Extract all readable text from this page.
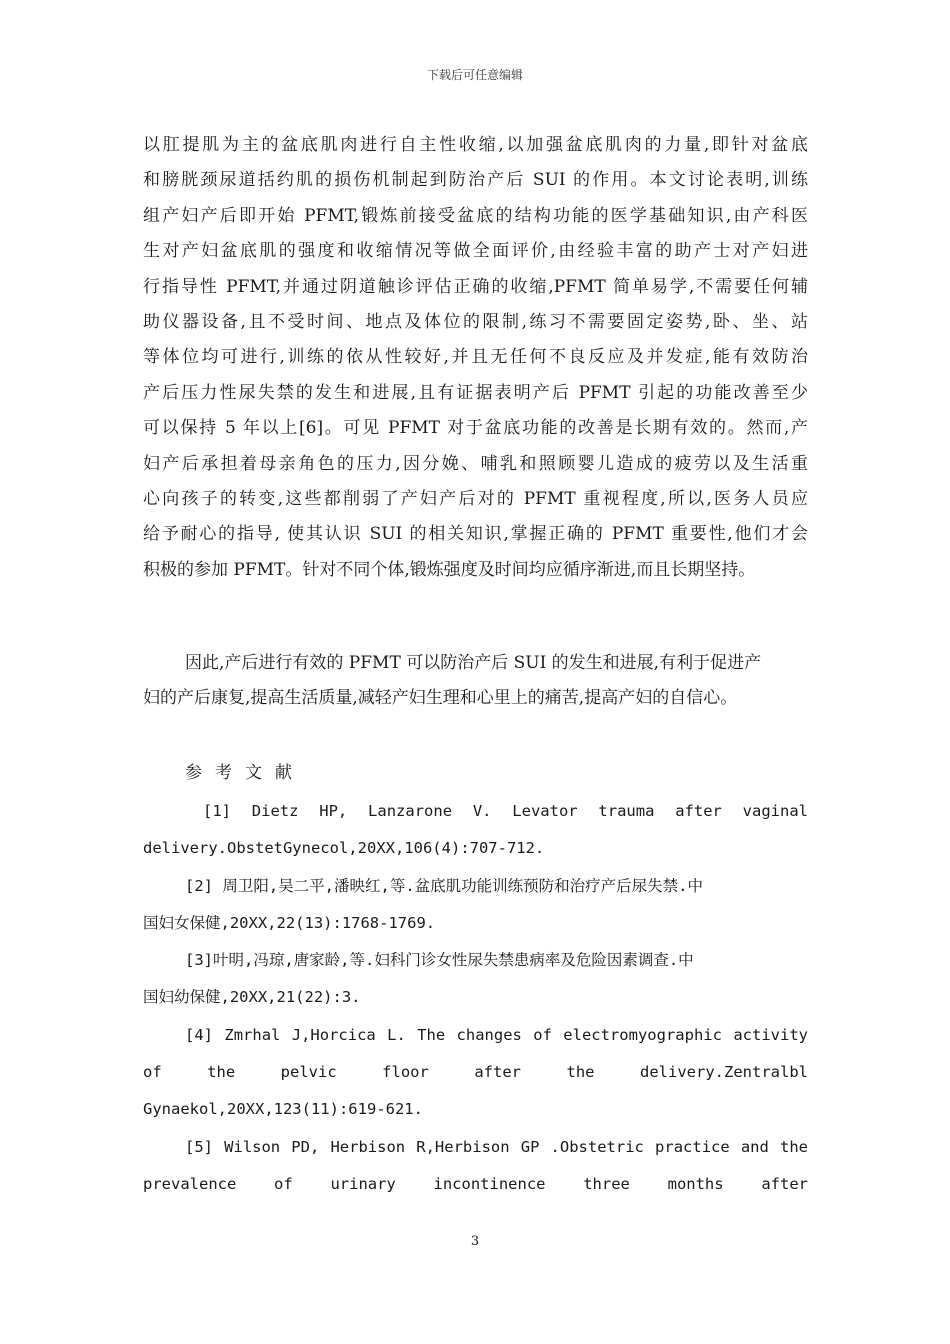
下载后可任意编辑
以肛提肌为主的盆底肌肉进行自主性收缩,以加强盆底肌肉的力量,即针对盆底
和膀胱颈尿道括约肌的损伤机制起到防治产后 SUI 的作用。本文讨论表明,训练
组产妇产后即开始 PFMT,锻炼前接受盆底的结构功能的医学基础知识,由产科医
生对产妇盆底肌的强度和收缩情况等做全面评价,由经验丰富的助产士对产妇进
行指导性 PFMT,并通过阴道触诊评估正确的收缩,PFMT 简单易学,不需要任何辅
助仪器设备,且不受时间、地点及体位的限制,练习不需要固定姿势,卧、坐、站
等体位均可进行,训练的依从性较好,并且无任何不良反应及并发症,能有效防治
产后压力性尿失禁的发生和进展,且有证据表明产后 PFMT 引起的功能改善至少
可以保持 5 年以上[6]。可见 PFMT 对于盆底功能的改善是长期有效的。然而,产
妇产后承担着母亲角色的压力,因分娩、哺乳和照顾婴儿造成的疲劳以及生活重
心向孩子的转变,这些都削弱了产妇产后对的 PFMT 重视程度,所以,医务人员应
给予耐心的指导, 使其认识 SUI 的相关知识,掌握正确的 PFMT 重要性,他们才会
积极的参加 PFMT。针对不同个体,锻炼强度及时间均应循序渐进,而且长期坚持。
因此,产后进行有效的 PFMT 可以防治产后 SUI 的发生和进展,有利于促进产
妇的产后康复,提高生活质量,减轻产妇生理和心里上的痛苦,提高产妇的自信心。
参考文献
[1] Dietz HP, Lanzarone V. Levator trauma after vaginal
delivery.ObstetGynecol,20XX,106(4):707-712.
[2] 周卫阳,吴二平,潘映红,等.盆底肌功能训练预防和治疗产后尿失禁.中
国妇女保健,20XX,22(13):1768-1769.
[3]叶明,冯琼,唐家龄,等.妇科门诊女性尿失禁患病率及危险因素调查.中
国妇幼保健,20XX,21(22):3.
[4] Zmrhal J,Horcica L. The changes of electromyographic activity
of the pelvic floor after the delivery.Zentralbl
Gynaekol,20XX,123(11):619-621.
[5] Wilson PD, Herbison R,Herbison GP .Obstetric practice and the
prevalence of urinary incontinence three months after
3
